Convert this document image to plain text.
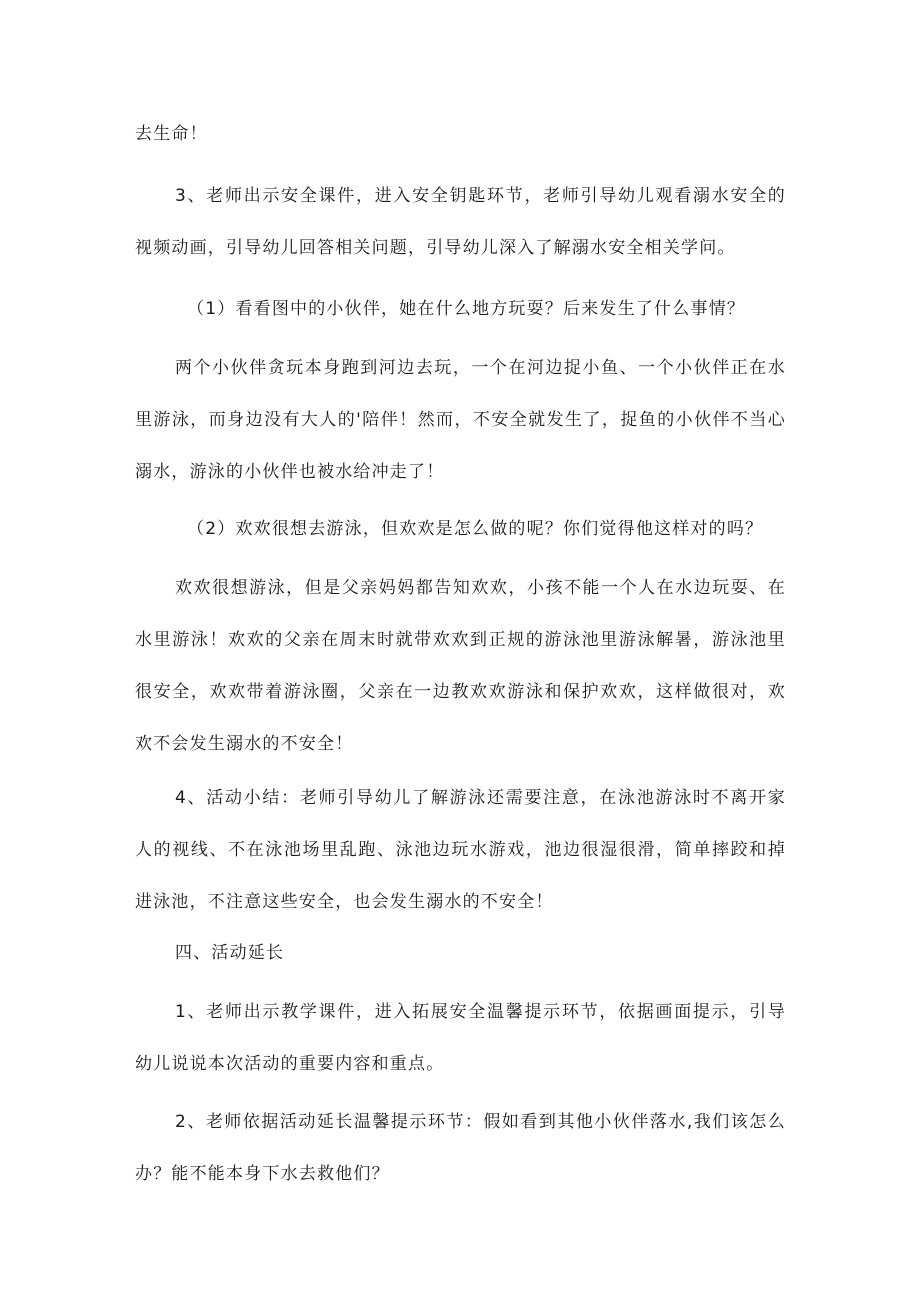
去生命！

3、老师出示安全课件，进入安全钥匙环节，老师引导幼儿观看溺水安全的视频动画，引导幼儿回答相关问题，引导幼儿深入了解溺水安全相关学问。

（1）看看图中的小伙伴，她在什么地方玩耍？后来发生了什么事情？

两个小伙伴贪玩本身跑到河边去玩，一个在河边捉小鱼、一个小伙伴正在水里游泳，而身边没有大人的'陪伴！然而，不安全就发生了，捉鱼的小伙伴不当心溺水，游泳的小伙伴也被水给冲走了！

（2）欢欢很想去游泳，但欢欢是怎么做的呢？你们觉得他这样对的吗？

欢欢很想游泳，但是父亲妈妈都告知欢欢，小孩不能一个人在水边玩耍、在水里游泳！欢欢的父亲在周末时就带欢欢到正规的游泳池里游泳解暑，游泳池里很安全，欢欢带着游泳圈，父亲在一边教欢欢游泳和保护欢欢，这样做很对，欢欢不会发生溺水的不安全！

4、活动小结：老师引导幼儿了解游泳还需要注意，在泳池游泳时不离开家人的视线、不在泳池场里乱跑、泳池边玩水游戏，池边很湿很滑，简单摔跤和掉进泳池，不注意这些安全，也会发生溺水的不安全！

四、活动延长

1、老师出示教学课件，进入拓展安全温馨提示环节，依据画面提示，引导幼儿说说本次活动的重要内容和重点。

2、老师依据活动延长温馨提示环节：假如看到其他小伙伴落水,我们该怎么办？能不能本身下水去救他们？
